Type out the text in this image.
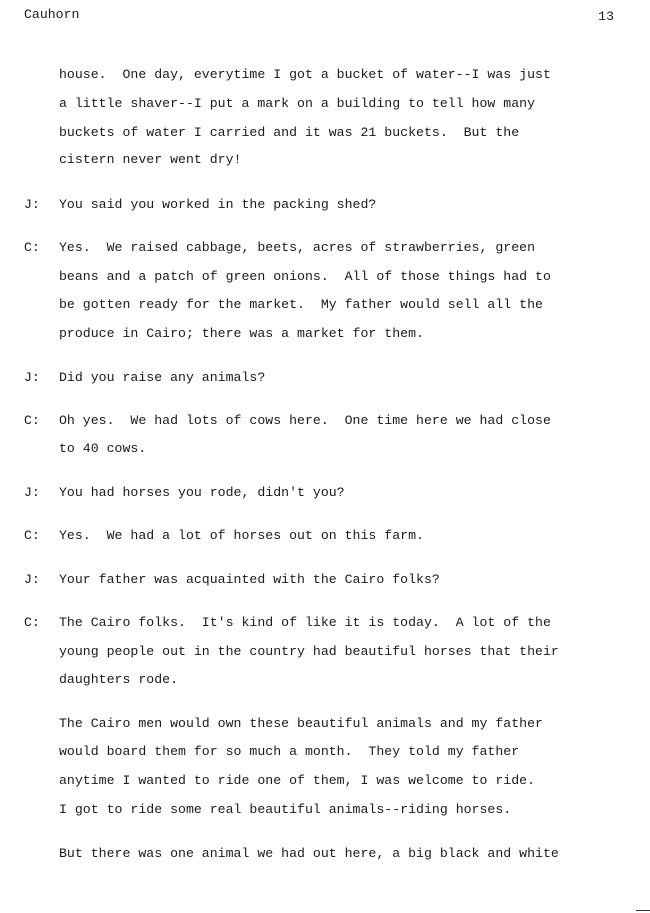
Cauhorn	13
house.  One day, everytime I got a bucket of water--I was just
a little shaver--I put a mark on a building to tell how many
buckets of water I carried and it was 21 buckets.  But the
cistern never went dry!
J: You said you worked in the packing shed?
C: Yes.  We raised cabbage, beets, acres of strawberries, green
beans and a patch of green onions.  All of those things had to
be gotten ready for the market.  My father would sell all the
produce in Cairo; there was a market for them.
J: Did you raise any animals?
C: Oh yes.  We had lots of cows here.  One time here we had close
to 40 cows.
J: You had horses you rode, didn't you?
C: Yes.  We had a lot of horses out on this farm.
J: Your father was acquainted with the Cairo folks?
C: The Cairo folks.  It's kind of like it is today.  A lot of the
young people out in the country had beautiful horses that their
daughters rode.
The Cairo men would own these beautiful animals and my father
would board them for so much a month.  They told my father
anytime I wanted to ride one of them, I was welcome to ride.
I got to ride some real beautiful animals--riding horses.
But there was one animal we had out here, a big black and white
